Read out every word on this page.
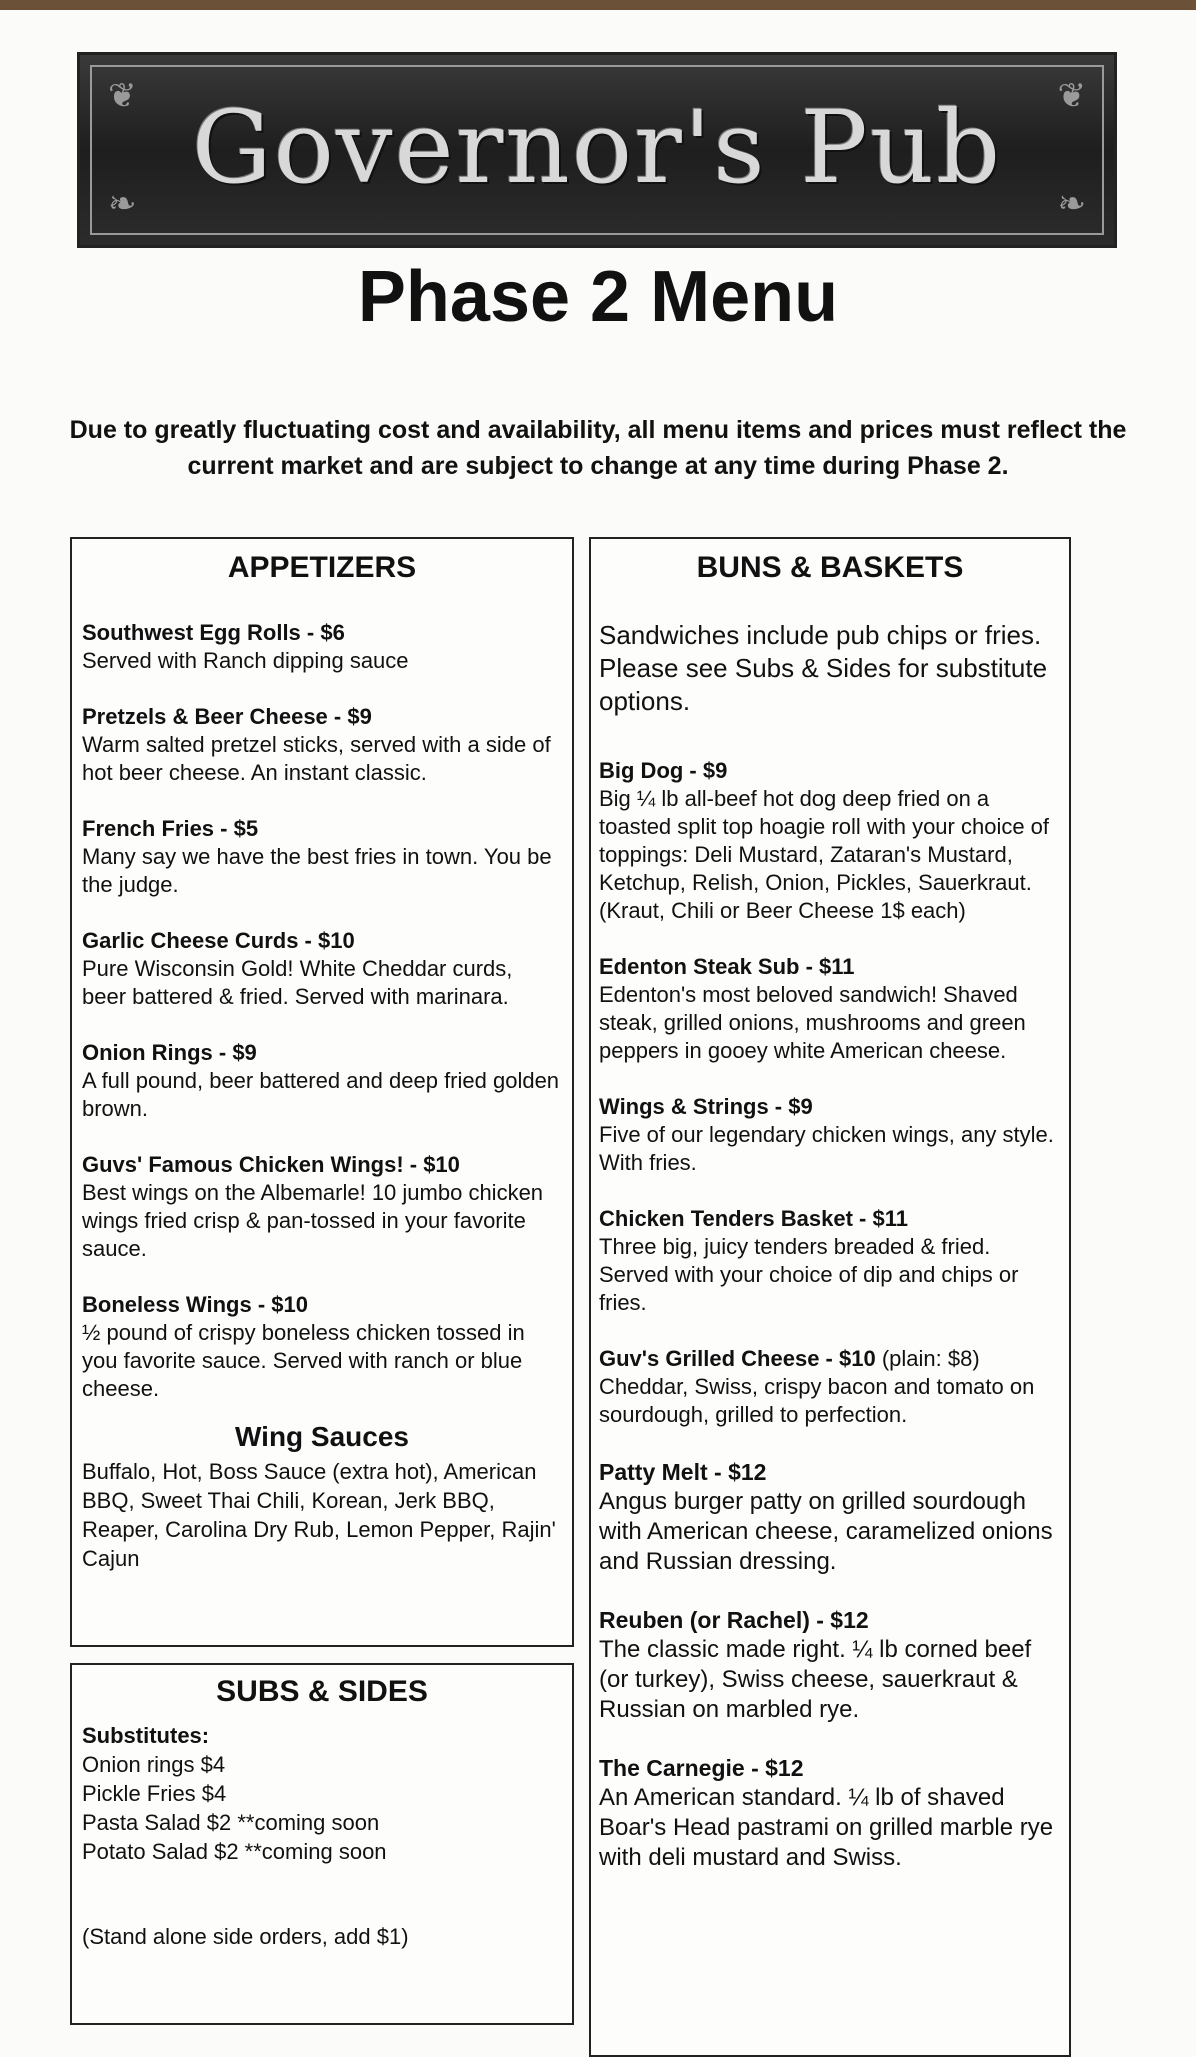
❦	❦
❧	❧
Governor's Pub
Phase 2 Menu

Due to greatly fluctuating cost and availability, all menu items and prices must reflect the current market and are subject to change at any time during Phase 2.

APPETIZERS
Southwest Egg Rolls - $6
Served with Ranch dipping sauce
Pretzels & Beer Cheese - $9
Warm salted pretzel sticks, served with a side of hot beer cheese. An instant classic.
French Fries - $5
Many say we have the best fries in town. You be the judge.
Garlic Cheese Curds - $10
Pure Wisconsin Gold! White Cheddar curds, beer battered & fried. Served with marinara.
Onion Rings - $9
A full pound, beer battered and deep fried golden brown.
Guvs' Famous Chicken Wings! - $10
Best wings on the Albemarle! 10 jumbo chicken wings fried crisp & pan-tossed in your favorite sauce.
Boneless Wings - $10
½ pound of crispy boneless chicken tossed in you favorite sauce. Served with ranch or blue cheese.
Wing Sauces

Buffalo, Hot, Boss Sauce (extra hot), American BBQ, Sweet Thai Chili, Korean, Jerk BBQ, Reaper, Carolina Dry Rub, Lemon Pepper, Rajin' Cajun

SUBS & SIDES
Substitutes:
Onion rings $4
Pickle Fries $4
Pasta Salad $2 **coming soon
Potato Salad $2 **coming soon
(Stand alone side orders, add $1)
BUNS & BASKETS

Sandwiches include pub chips or fries. Please see Subs & Sides for substitute options.

Big Dog - $9
Big ¼ lb all-beef hot dog deep fried on a toasted split top hoagie roll with your choice of toppings: Deli Mustard, Zataran's Mustard, Ketchup, Relish, Onion, Pickles, Sauerkraut. (Kraut, Chili or Beer Cheese 1$ each)
Edenton Steak Sub - $11
Edenton's most beloved sandwich! Shaved steak, grilled onions, mushrooms and green peppers in gooey white American cheese.
Wings & Strings - $9
Five of our legendary chicken wings, any style. With fries.
Chicken Tenders Basket - $11
Three big, juicy tenders breaded & fried. Served with your choice of dip and chips or fries.
Guv's Grilled Cheese - $10 (plain: $8)
Cheddar, Swiss, crispy bacon and tomato on sourdough, grilled to perfection.
Patty Melt - $12
Angus burger patty on grilled sourdough with American cheese, caramelized onions and Russian dressing.
Reuben (or Rachel) - $12
The classic made right. ¼ lb corned beef (or turkey), Swiss cheese, sauerkraut & Russian on marbled rye.
The Carnegie - $12
An American standard. ¼ lb of shaved Boar's Head pastrami on grilled marble rye with deli mustard and Swiss.
